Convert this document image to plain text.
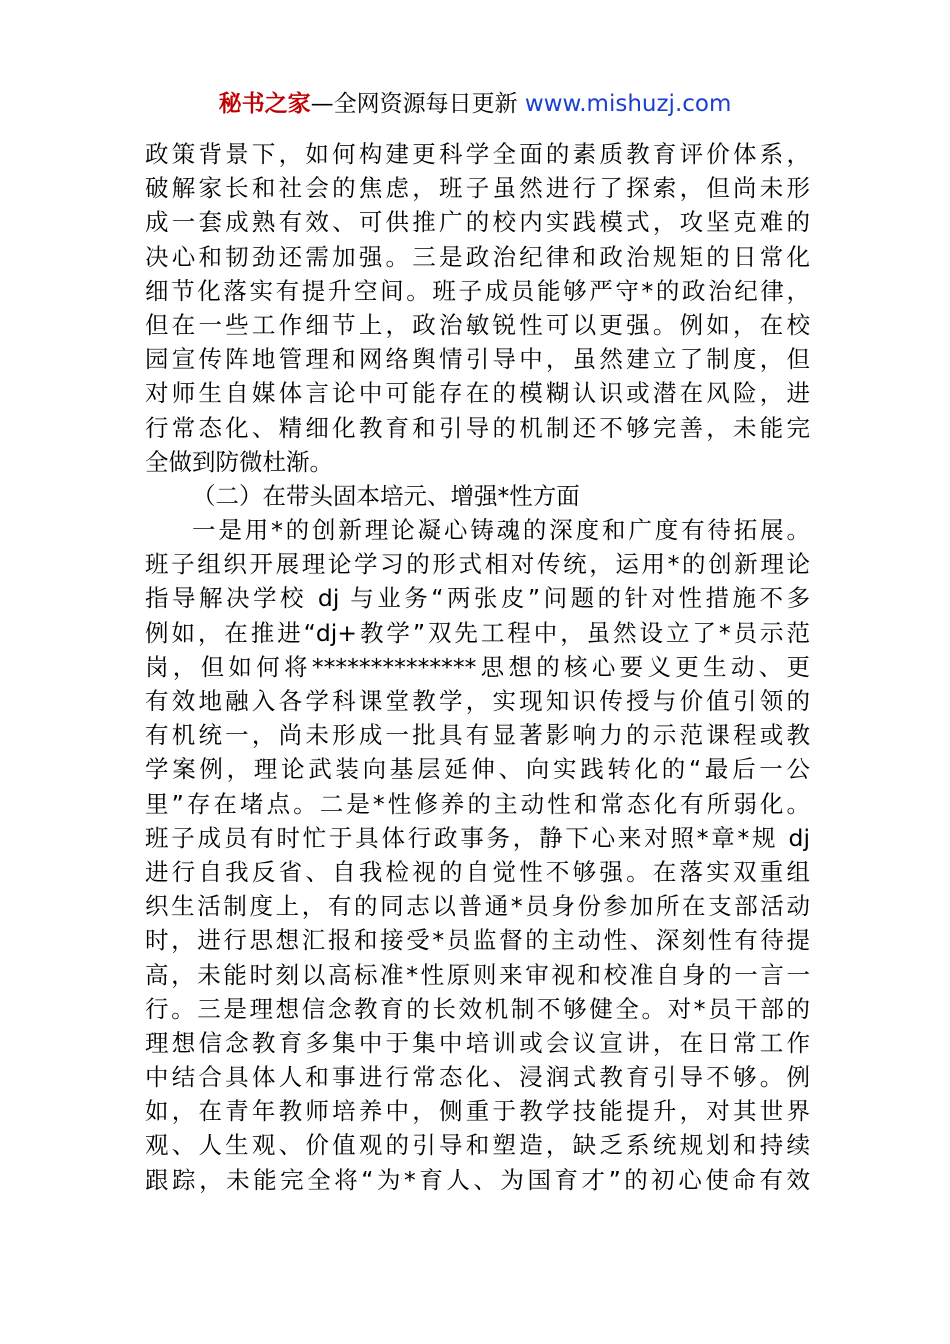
秘书之家—全网资源每日更新 www.mishuzj.com
政策背景下，如何构建更科学全面的素质教育评价体系，
破解家长和社会的焦虑，班子虽然进行了探索，但尚未形
成一套成熟有效、可供推广的校内实践模式，攻坚克难的
决心和韧劲还需加强。三是政治纪律和政治规矩的日常化
细节化落实有提升空间。班子成员能够严守*的政治纪律，
但在一些工作细节上，政治敏锐性可以更强。例如，在校
园宣传阵地管理和网络舆情引导中，虽然建立了制度，但
对师生自媒体言论中可能存在的模糊认识或潜在风险，进
行常态化、精细化教育和引导的机制还不够完善，未能完
全做到防微杜渐。
（二）在带头固本培元、增强*性方面
一是用*的创新理论凝心铸魂的深度和广度有待拓展。
班子组织开展理论学习的形式相对传统，运用*的创新理论
指导解决学校 dj 与业务“两张皮”问题的针对性措施不多
例如，在推进“dj+教学”双先工程中，虽然设立了*员示范
岗，但如何将**************思想的核心要义更生动、更
有效地融入各学科课堂教学，实现知识传授与价值引领的
有机统一，尚未形成一批具有显著影响力的示范课程或教
学案例，理论武装向基层延伸、向实践转化的“最后一公
里”存在堵点。二是*性修养的主动性和常态化有所弱化。
班子成员有时忙于具体行政事务，静下心来对照*章*规 dj
进行自我反省、自我检视的自觉性不够强。在落实双重组
织生活制度上，有的同志以普通*员身份参加所在支部活动
时，进行思想汇报和接受*员监督的主动性、深刻性有待提
高，未能时刻以高标准*性原则来审视和校准自身的一言一
行。三是理想信念教育的长效机制不够健全。对*员干部的
理想信念教育多集中于集中培训或会议宣讲，在日常工作
中结合具体人和事进行常态化、浸润式教育引导不够。例
如，在青年教师培养中，侧重于教学技能提升，对其世界
观、人生观、价值观的引导和塑造，缺乏系统规划和持续
跟踪，未能完全将“为*育人、为国育才”的初心使命有效
